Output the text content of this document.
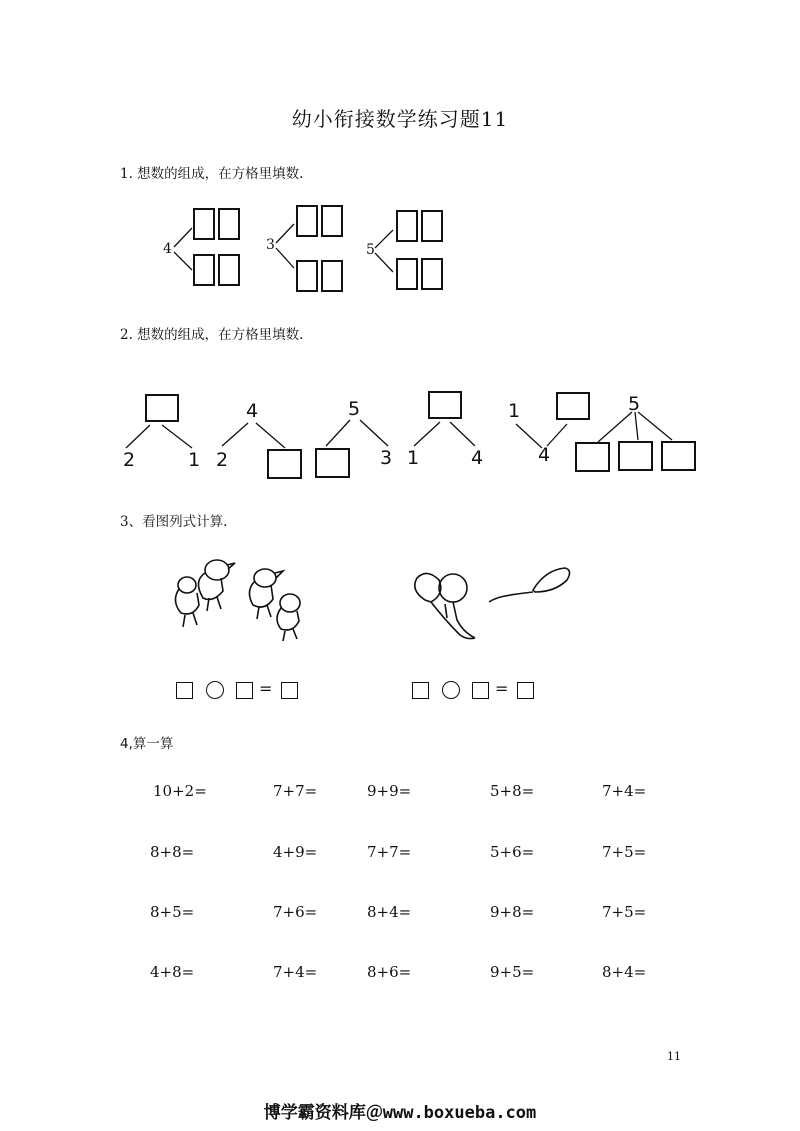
幼小衔接数学练习题11
1. 想数的组成，在方格里填数.
4	3	5
2. 想数的组成，在方格里填数.
2	1
4
2
5
3 1	4
1
4
5
3、看图列式计算.
=	=
4,算一算
10+2=	7+7=	9+9=	5+8=	7+4=
8+8=	4+9=	7+7=	5+6=	7+5=
8+5=	7+6=	8+4=	9+8=	7+5=
4+8=	7+4=	8+6=	9+5=	8+4=
11
博学霸资料库＠www.boxueba.com
